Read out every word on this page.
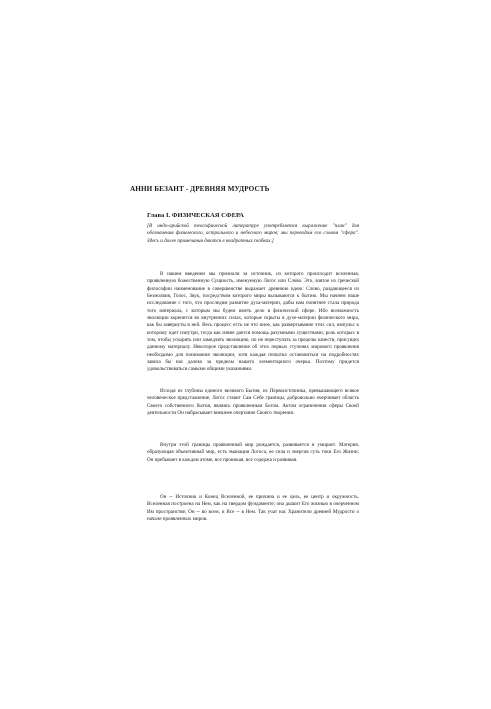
АННИ БЕЗАНТ - ДРЕВНЯЯ МУДРОСТЬ
Глава I. ФИЗИЧЕСКАЯ СФЕРА
[В индо-арийской теософической литературе употребляется выражение "план" для обозначения физического, астрального и небесного миров; мы переводим его словом "сфера". Здесь и далее примечания даются в квадратных скобках.]
В нашем введении мы признали за источник, из которого происходит вселенная, проявленную божественную Сущность, именуемую Логос или Слово. Это, взятое из греческой философии наименование в совершенстве выражает древнюю идею: Слово, раздающееся из Безмолвия, Голос, Звук, посредством которого миры вызываются к бытию. Мы начнем наше исследование с того, что проследим развитие духа-материи, дабы нам понятнее стала природа того материала, с которым мы будем иметь дело в физической сфере. Ибо возможность эволюции коренится во внутренних силах, которые скрыты в духе-материи физического мира, как бы завернуты в ней. Весь процесс есть не что иное, как развертывание этих сил, импульс к которому идет изнутри, тогда как извне дается помощь разумными существами, роль которых в том, чтобы ускорять или замедлять эволюцию, но не переступать за пределы качеств, присущих данному материалу. Некоторое представление об этих первых ступенях мирового проявления необходимо для понимания эволюции, хотя каждая попытка остановиться на подробностях завела бы нас далеко за пределы нашего элементарного очерка. Поэтому придется удовольствоваться самыми общими указаниями.
Исходя из глубины единого великого Бытия, из Первоисточника, превышающего всякое человеческое представление, Логос ставит Сам Себе границы, добровольно очерчивает область Своего собственного бытия, являясь проявленным Богом. Актом ограничения сферы Своей деятельности Он набрасывает внешнее очертание Своего творения.
Внутри этой границы проявленный мир рождается, развивается и умирает. Материя, образующая объективный мир, есть эманация Логоса, ее сила и энергия суть токи Его Жизни; Он пребывает в каждом атоме, все проникая, все содержа и развивая.
Он -- Источник и Конец Вселенной, ее причина и ее цель, ее центр и окружность. Вселенная построена на Нем, как на твердом фундаменте; она дышит Его жизнью в очерченном Им пространстве; Он -- во всем, и Все -- в Нем. Так учат нас Хранители древней Мудрости о начале проявленных миров.
